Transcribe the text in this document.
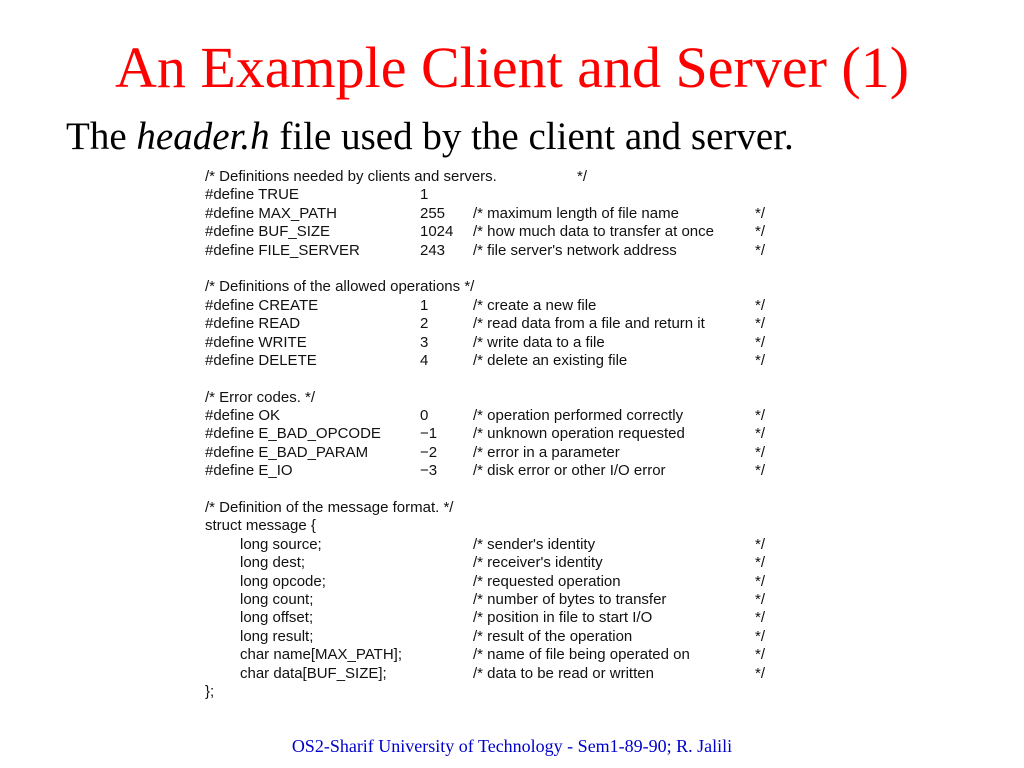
An Example Client and Server (1)
The header.h file used by the client and server.
/* Definitions needed by clients and servers.	*/
#define TRUE	1
#define MAX_PATH	255 /* maximum length of file name	*/
#define BUF_SIZE	1024 /* how much data to transfer at once	*/
#define FILE_SERVER	243 /* file server's network address	*/
/* Definitions of the allowed operations */
#define CREATE	1	/* create a new file	*/
#define READ	2	/* read data from a file and return it	*/
#define WRITE	3	/* write data to a file	*/
#define DELETE	4	/* delete an existing file	*/
/* Error codes. */
#define OK	0	/* operation performed correctly	*/
#define E_BAD_OPCODE	−1 /* unknown operation requested	*/
#define E_BAD_PARAM	−2 /* error in a parameter	*/
#define E_IO	−3 /* disk error or other I/O error	*/
/* Definition of the message format. */
struct message {
long source;	/* sender's identity	*/
long dest;	/* receiver's identity	*/
long opcode;	/* requested operation	*/
long count;	/* number of bytes to transfer	*/
long offset;	/* position in file to start I/O	*/
long result;	/* result of the operation	*/
char name[MAX_PATH];	/* name of file being operated on	*/
char data[BUF_SIZE];	/* data to be read or written	*/
};
OS2-Sharif University of Technology - Sem1-89-90; R. Jalili
